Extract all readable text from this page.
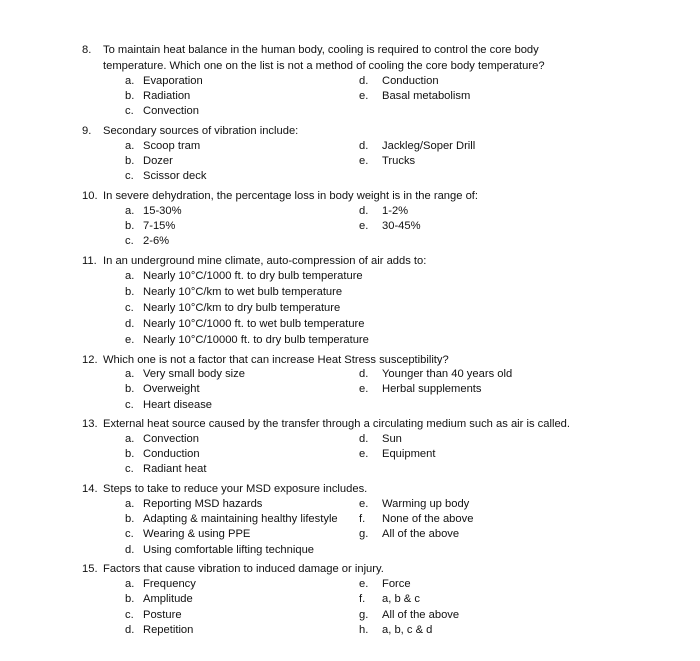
8. To maintain heat balance in the human body, cooling is required to control the core body
temperature. Which one on the list is not a method of cooling the core body temperature?
a. Evaporation
b. Radiation
c. Convection
d. Conduction
e. Basal metabolism
9. Secondary sources of vibration include:
a. Scoop tram
b. Dozer
c. Scissor deck
d. Jackleg/Soper Drill
e. Trucks
10. In severe dehydration, the percentage loss in body weight is in the range of:
a. 15-30%
b. 7-15%
c. 2-6%
d. 1-2%
e. 30-45%
11. In an underground mine climate, auto-compression of air adds to:
a. Nearly 10°C/1000 ft. to dry bulb temperature
b. Nearly 10°C/km to wet bulb temperature
c. Nearly 10°C/km to dry bulb temperature
d. Nearly 10°C/1000 ft. to wet bulb temperature
e. Nearly 10°C/10000 ft. to dry bulb temperature
12. Which one is not a factor that can increase Heat Stress susceptibility?
a. Very small body size
b. Overweight
c. Heart disease
d. Younger than 40 years old
e. Herbal supplements
13. External heat source caused by the transfer through a circulating medium such as air is called.
a. Convection
b. Conduction
c. Radiant heat
d. Sun
e. Equipment
14. Steps to take to reduce your MSD exposure includes.
a. Reporting MSD hazards
b. Adapting & maintaining healthy lifestyle
c. Wearing & using PPE
d. Using comfortable lifting technique
e. Warming up body
f. None of the above
g. All of the above
15. Factors that cause vibration to induced damage or injury.
a. Frequency
b. Amplitude
c. Posture
d. Repetition
e. Force
f. a, b & c
g. All of the above
h. a, b, c & d
